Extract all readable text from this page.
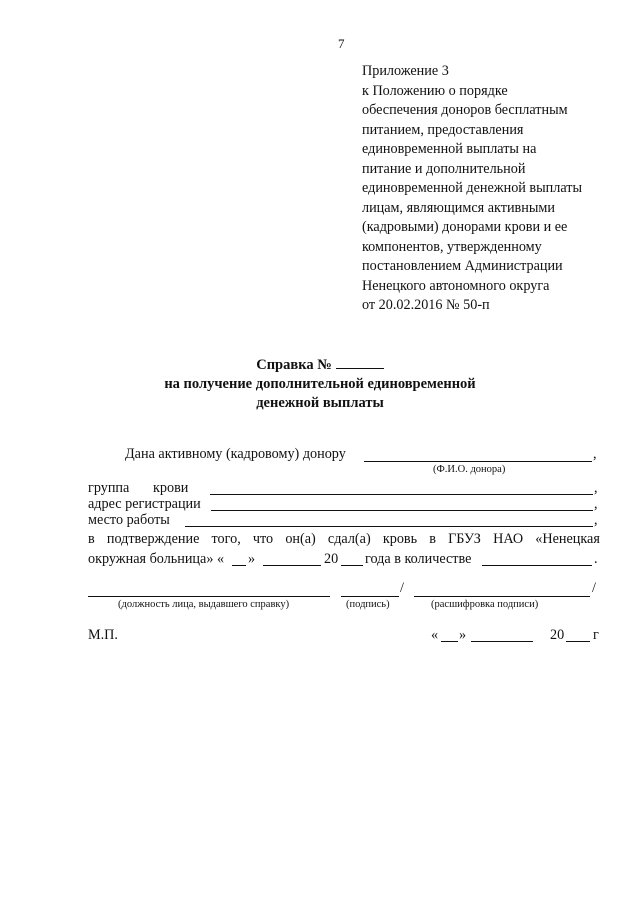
7
Приложение 3
к Положению о порядке
обеспечения доноров бесплатным
питанием, предоставления
единовременной выплаты на
питание и дополнительной
единовременной денежной выплаты
лицам, являющимся активными
(кадровыми) донорами крови и ее
компонентов, утвержденному
постановлением Администрации
Ненецкого автономного округа
от 20.02.2016 № 50-п
Справка №
на получение дополнительной единовременной
денежной выплаты
Дана активному (кадровому) донору	,
(Ф.И.О. донора)
группа крови	,
адрес регистрации	,
место работы	,
в подтверждение того, что он(а) сдал(а) кровь в ГБУЗ НАО «Ненецкая
окружная больница» « »	20 года в количестве	.
/	/
(должность лица, выдавшего справку)	(подпись)	(расшифровка подписи)
М.П.	« »	20 г
